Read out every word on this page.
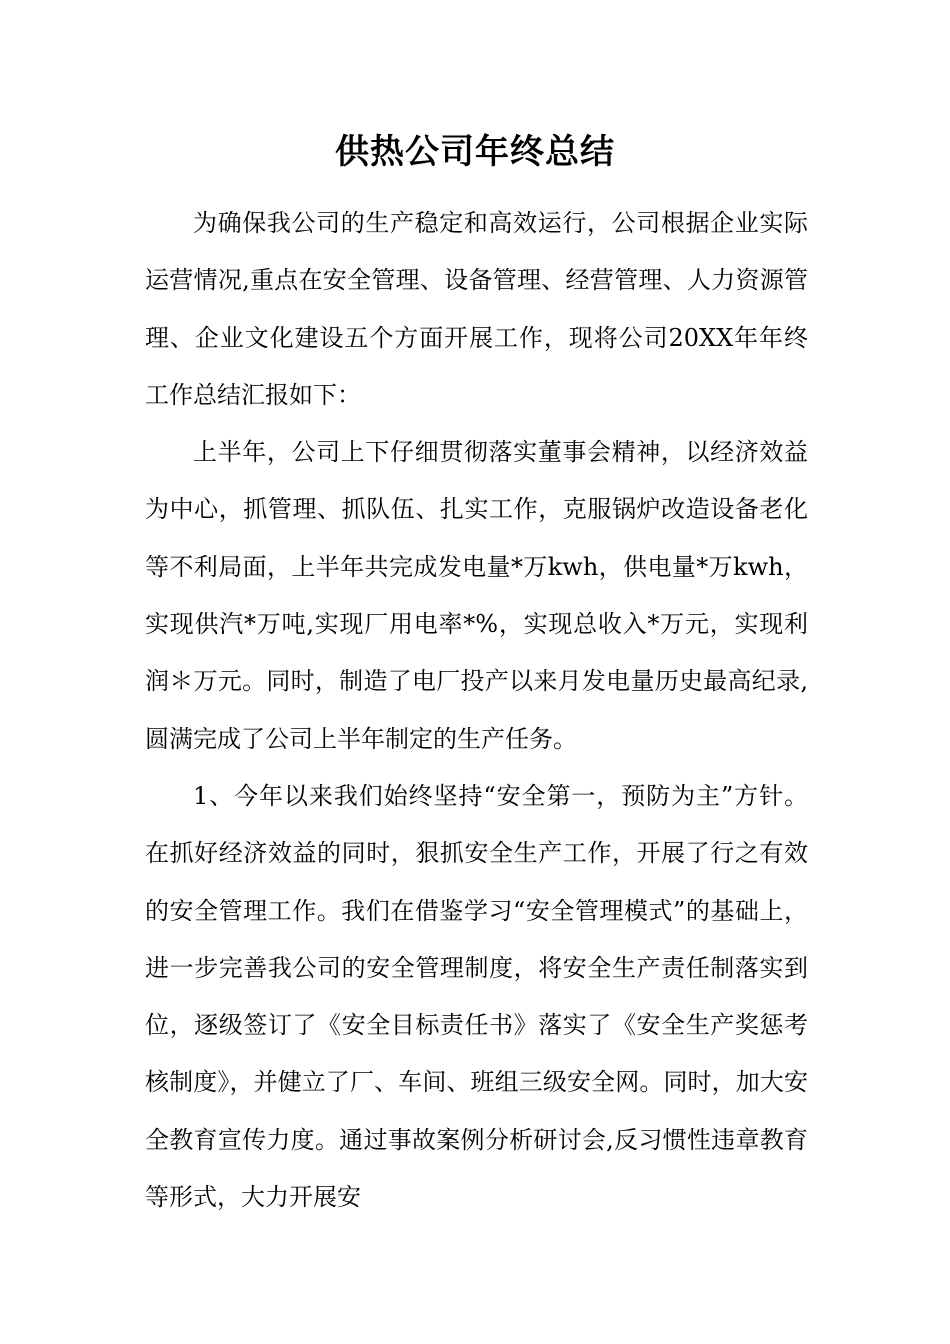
供热公司年终总结

为确保我公司的生产稳定和高效运行，公司根据企业实际运营情况,重点在安全管理、设备管理、经营管理、人力资源管理、企业文化建设五个方面开展工作，现将公司20XX年年终工作总结汇报如下：

上半年，公司上下仔细贯彻落实董事会精神，以经济效益为中心，抓管理、抓队伍、扎实工作，克服锅炉改造设备老化等不利局面，上半年共完成发电量*万kwh，供电量*万kwh，实现供汽*万吨,实现厂用电率*%，实现总收入*万元，实现利润＊万元。同时，制造了电厂投产以来月发电量历史最高纪录,圆满完成了公司上半年制定的生产任务。

1、今年以来我们始终坚持“安全第一，预防为主”方针。在抓好经济效益的同时，狠抓安全生产工作，开展了行之有效的安全管理工作。我们在借鉴学习“安全管理模式”的基础上，进一步完善我公司的安全管理制度，将安全生产责任制落实到位，逐级签订了《安全目标责任书》落实了《安全生产奖惩考核制度》，并健立了厂、车间、班组三级安全网。同时，加大安全教育宣传力度。通过事故案例分析研讨会,反习惯性违章教育等形式，大力开展安
